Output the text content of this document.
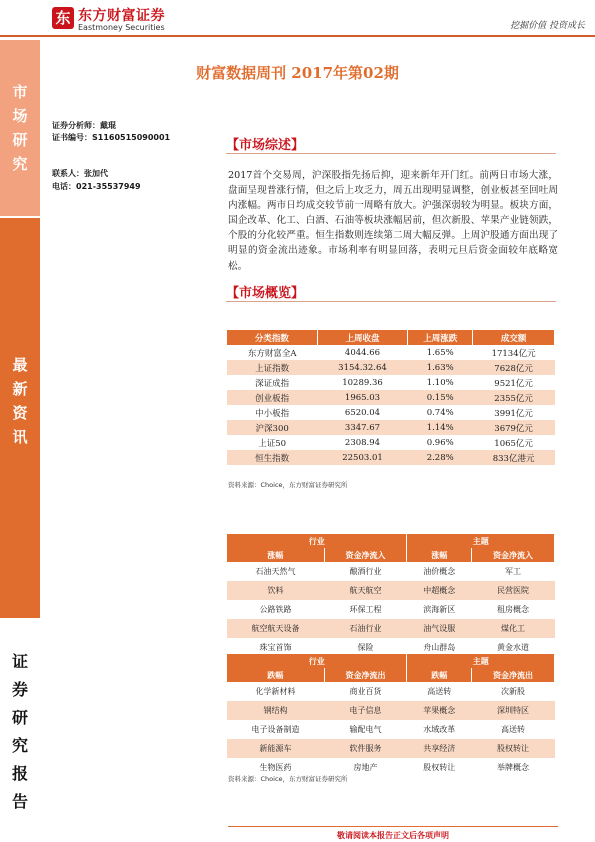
东 东方财富证券
Eastmoney Securities	挖掘价值 投资成长
市
场
研
究
最
新
资
讯
证
券
研
究
报
告
财富数据周刊 2017年第02期
证券分析师：戴琨
证书编号：S1160515090001
联系人：张加代
电话：021-35537949
【市场综述】
2017首个交易周，沪深股指先扬后抑，迎来新年开门红。前两日市场大涨，盘面呈现普涨行情，但之后上攻乏力，周五出现明显调整，创业板甚至回吐周内涨幅。两市日均成交较节前一周略有放大。沪强深弱较为明显。板块方面，国企改革、化工、白酒、石油等板块涨幅居前，但次新股、苹果产业链领跌，个股的分化较严重。恒生指数则连续第二周大幅反弹。上周沪股通方面出现了明显的资金流出迹象。市场利率有明显回落，表明元旦后资金面较年底略宽松。
【市场概览】
分类指数	上周收盘	上周涨跌	成交额
东方财富全A	4044.66	1.65%	17134亿元
上证指数	3154.32.64	1.63%	7628亿元
深证成指	10289.36	1.10%	9521亿元
创业板指	1965.03	0.15%	2355亿元
中小板指	6520.04	0.74%	3991亿元
沪深300	3347.67	1.14%	3679亿元
上证50	2308.94	0.96%	1065亿元
恒生指数	22503.01	2.28%	833亿港元
资料来源：Choice，东方财富证券研究所
行业		主题	
涨幅	资金净流入	涨幅	资金净流入
石油天然气	酿酒行业	油价概念	军工
饮料	航天航空	中超概念	民营医院
公路铁路	环保工程	滨海新区	租房概念
航空航天设备	石油行业	油气设服	煤化工
珠宝首饰	保险	舟山群岛	黄金水道
行业		主题	
跌幅	资金净流出	跌幅	资金净流出
化学新材料	商业百货	高送转	次新股
钢结构	电子信息	苹果概念	深圳特区
电子设备制造	输配电气	水域改革	高送转
新能源车	软件服务	共享经济	股权转让
生物医药	房地产	股权转让	举牌概念
资料来源：Choice，东方财富证券研究所
敬请阅读本报告正文后各项声明
